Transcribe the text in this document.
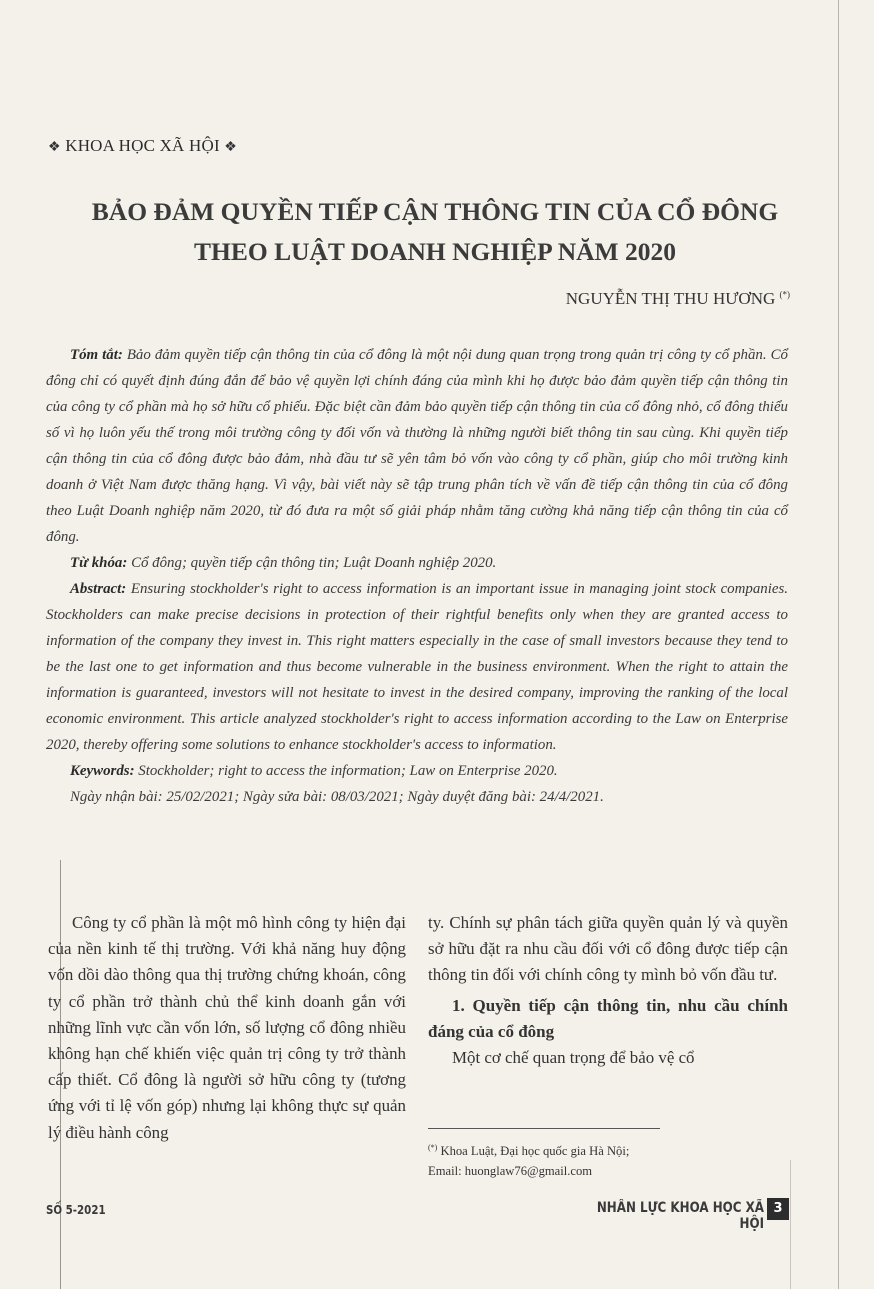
❖ KHOA HỌC XÃ HỘI ❖
BẢO ĐẢM QUYỀN TIẾP CẬN THÔNG TIN CỦA CỔ ĐÔNG
THEO LUẬT DOANH NGHIỆP NĂM 2020
NGUYỄN THỊ THU HƯƠNG (*)

Tóm tắt: Bảo đảm quyền tiếp cận thông tin của cổ đông là một nội dung quan trọng trong quản trị công ty cổ phần. Cổ đông chỉ có quyết định đúng đắn để bảo vệ quyền lợi chính đáng của mình khi họ được bảo đảm quyền tiếp cận thông tin của công ty cổ phần mà họ sở hữu cổ phiếu. Đặc biệt cần đảm bảo quyền tiếp cận thông tin của cổ đông nhỏ, cổ đông thiểu số vì họ luôn yếu thế trong môi trường công ty đối vốn và thường là những người biết thông tin sau cùng. Khi quyền tiếp cận thông tin của cổ đông được bảo đảm, nhà đầu tư sẽ yên tâm bỏ vốn vào công ty cổ phần, giúp cho môi trường kinh doanh ở Việt Nam được thăng hạng. Vì vậy, bài viết này sẽ tập trung phân tích về vấn đề tiếp cận thông tin của cổ đông theo Luật Doanh nghiệp năm 2020, từ đó đưa ra một số giải pháp nhằm tăng cường khả năng tiếp cận thông tin của cổ đông.

Từ khóa: Cổ đông; quyền tiếp cận thông tin; Luật Doanh nghiệp 2020.

Abstract: Ensuring stockholder's right to access information is an important issue in managing joint stock companies. Stockholders can make precise decisions in protection of their rightful benefits only when they are granted access to information of the company they invest in. This right matters especially in the case of small investors because they tend to be the last one to get information and thus become vulnerable in the business environment. When the right to attain the information is guaranteed, investors will not hesitate to invest in the desired company, improving the ranking of the local economic environment. This article analyzed stockholder's right to access information according to the Law on Enterprise 2020, thereby offering some solutions to enhance stockholder's access to information.

Keywords: Stockholder; right to access the information; Law on Enterprise 2020.

Ngày nhận bài: 25/02/2021; Ngày sửa bài: 08/03/2021; Ngày duyệt đăng bài: 24/4/2021.

Công ty cổ phần là một mô hình công ty hiện đại của nền kinh tế thị trường. Với khả năng huy động vốn dồi dào thông qua thị trường chứng khoán, công ty cổ phần trở thành chủ thể kinh doanh gắn với những lĩnh vực cần vốn lớn, số lượng cổ đông nhiều không hạn chế khiến việc quản trị công ty trở thành cấp thiết. Cổ đông là người sở hữu công ty (tương ứng với tỉ lệ vốn góp) nhưng lại không thực sự quản lý điều hành công

ty. Chính sự phân tách giữa quyền quản lý và quyền sở hữu đặt ra nhu cầu đối với cổ đông được tiếp cận thông tin đối với chính công ty mình bỏ vốn đầu tư.

1. Quyền tiếp cận thông tin, nhu cầu chính đáng của cổ đông

Một cơ chế quan trọng để bảo vệ cổ

(*) Khoa Luật, Đại học quốc gia Hà Nội;
Email: huonglaw76@gmail.com
SỐ 5-2021	NHÂN LỰC KHOA HỌC XÃ HỘI
3
